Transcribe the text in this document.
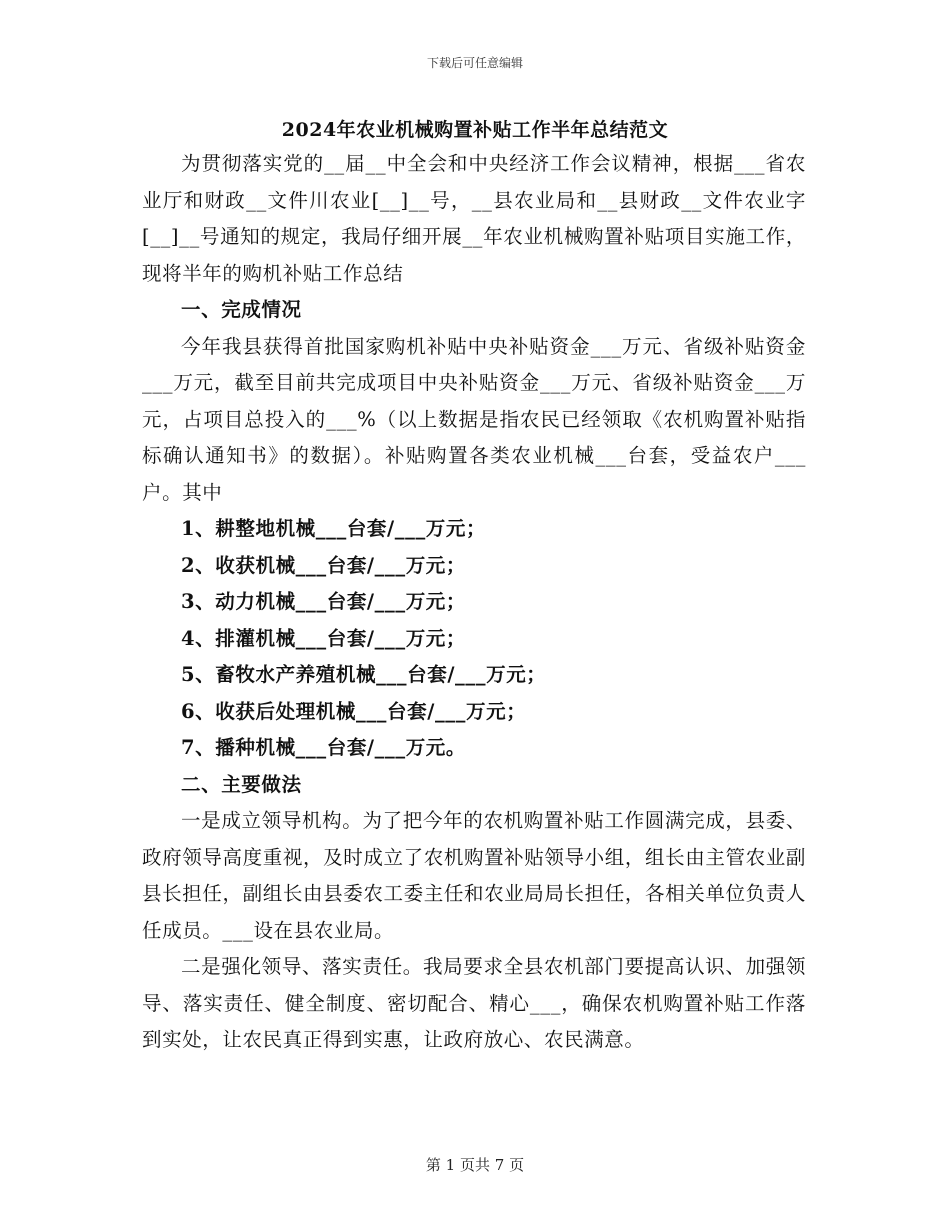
下载后可任意编辑
2024年农业机械购置补贴工作半年总结范文

为贯彻落实党的__届__中全会和中央经济工作会议精神，根据___省农业厅和财政__文件川农业[__]__号，__县农业局和__县财政__文件农业字[__]__号通知的规定，我局仔细开展__年农业机械购置补贴项目实施工作，现将半年的购机补贴工作总结

一、完成情况

今年我县获得首批国家购机补贴中央补贴资金___万元、省级补贴资金___万元，截至目前共完成项目中央补贴资金___万元、省级补贴资金___万元，占项目总投入的___%（以上数据是指农民已经领取《农机购置补贴指标确认通知书》的数据）。补贴购置各类农业机械___台套，受益农户___户。其中

1、耕整地机械___台套/___万元；

2、收获机械___台套/___万元；

3、动力机械___台套/___万元；

4、排灌机械___台套/___万元；

5、畜牧水产养殖机械___台套/___万元；

6、收获后处理机械___台套/___万元；

7、播种机械___台套/___万元。

二、主要做法

一是成立领导机构。为了把今年的农机购置补贴工作圆满完成，县委、政府领导高度重视，及时成立了农机购置补贴领导小组，组长由主管农业副县长担任，副组长由县委农工委主任和农业局局长担任，各相关单位负责人任成员。___设在县农业局。

二是强化领导、落实责任。我局要求全县农机部门要提高认识、加强领导、落实责任、健全制度、密切配合、精心___，确保农机购置补贴工作落到实处，让农民真正得到实惠，让政府放心、农民满意。

第 1 页共 7 页
